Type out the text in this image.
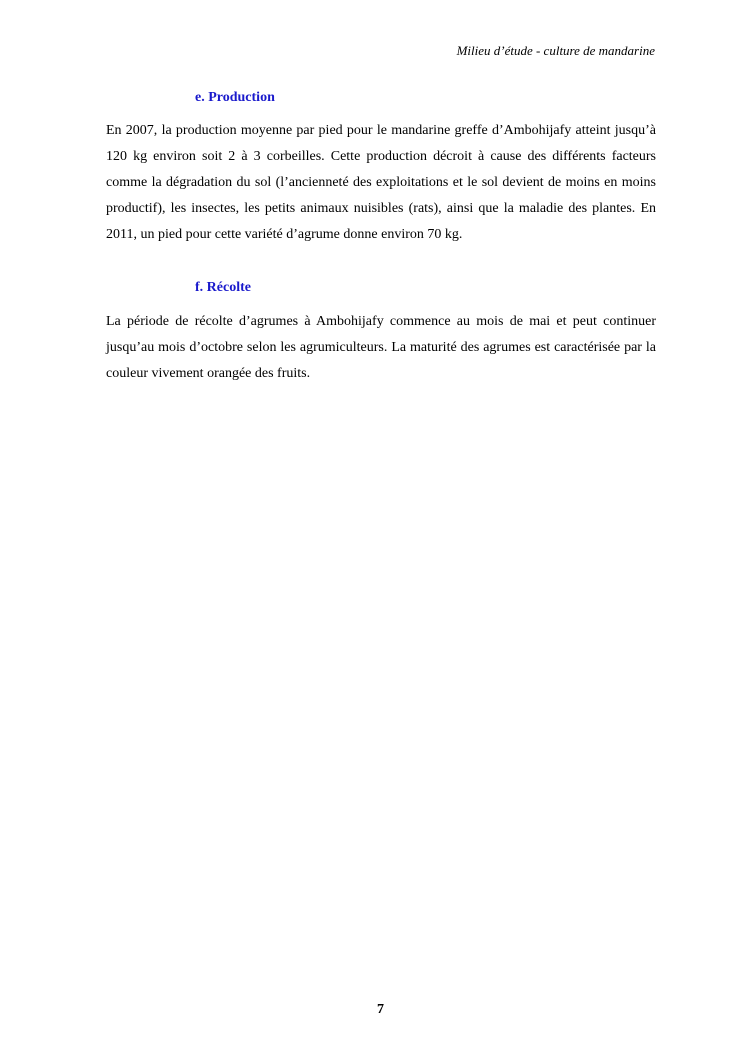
Milieu d’étude - culture de mandarine
e. Production

En 2007, la production moyenne par pied pour le mandarine greffe d’Ambohijafy atteint jusqu’à 120 kg environ soit 2 à 3 corbeilles. Cette production décroit à cause des différents facteurs comme la dégradation du sol (l’ancienneté des exploitations et le sol devient de moins en moins productif), les insectes, les petits animaux nuisibles (rats), ainsi que la maladie des plantes. En 2011, un pied pour cette variété d’agrume donne environ 70 kg.

f. Récolte

La période de récolte d’agrumes à Ambohijafy commence au mois de mai et peut continuer jusqu’au mois d’octobre selon les agrumiculteurs. La maturité des agrumes est caractérisée par la couleur vivement orangée des fruits.

7
